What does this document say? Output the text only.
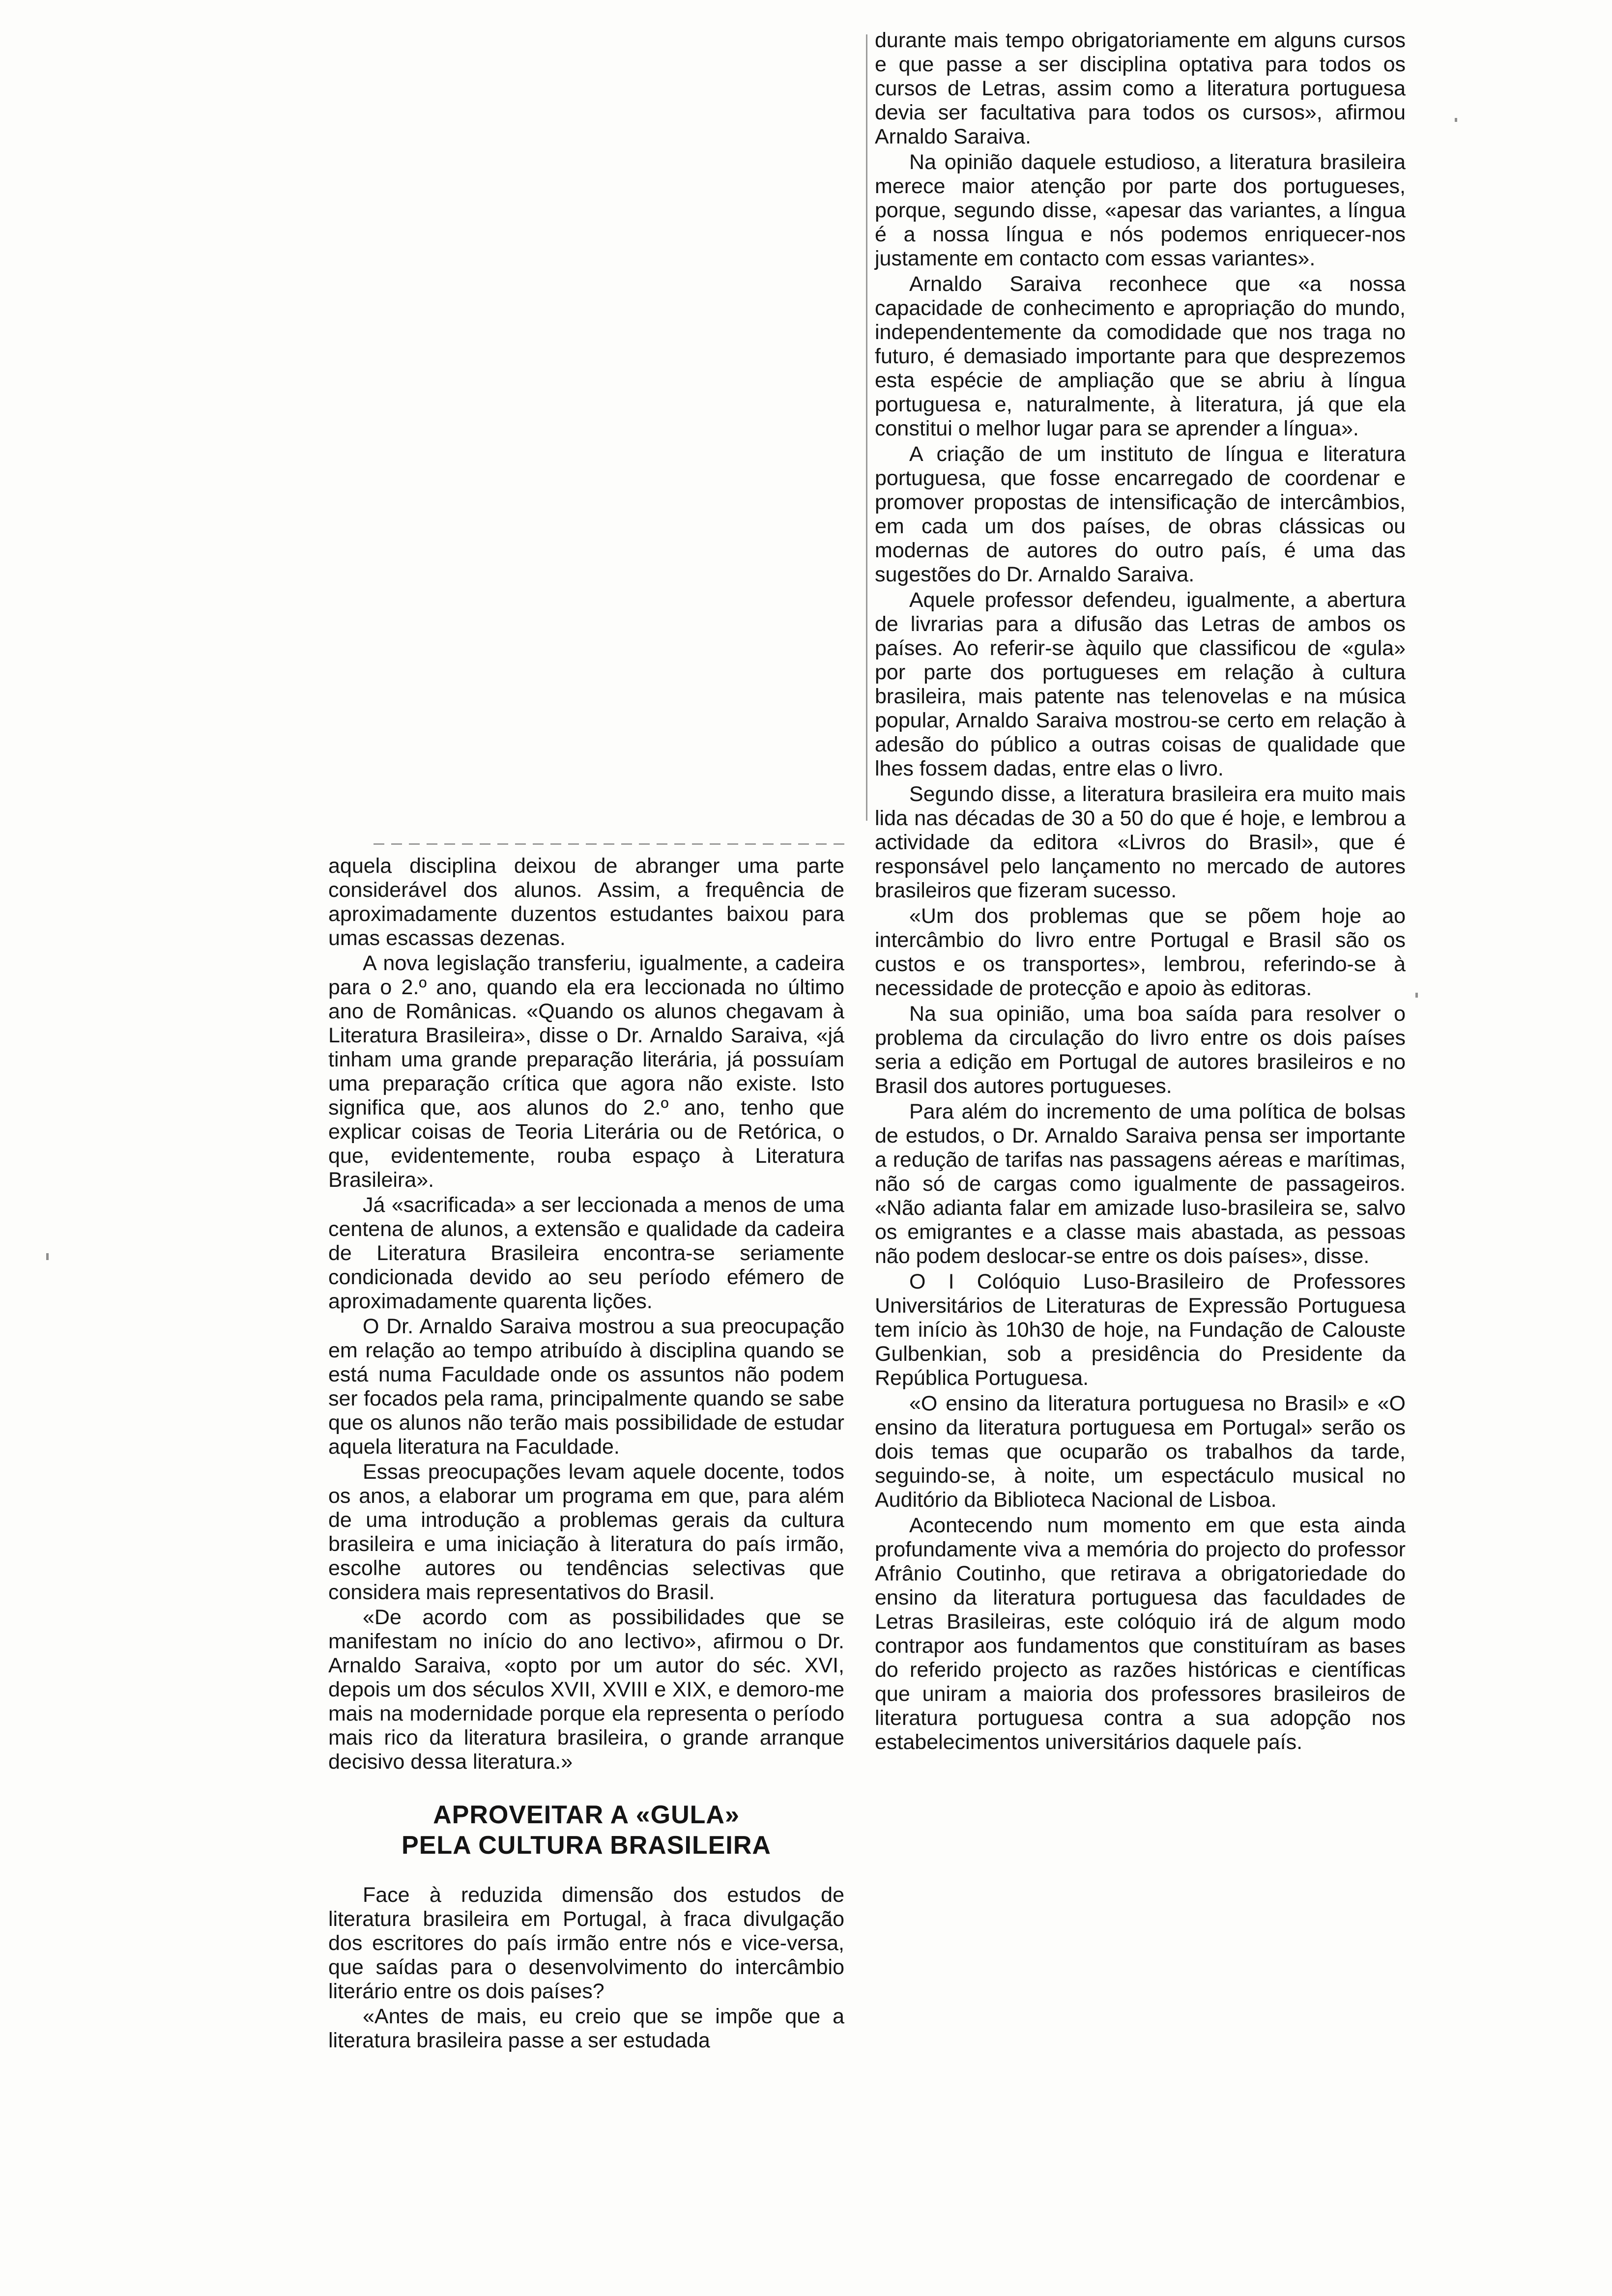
aquela disciplina deixou de abranger uma parte considerável dos alunos. Assim, a frequência de aproximadamente duzentos estudantes baixou para umas escassas dezenas.

A nova legislação transferiu, igualmente, a cadeira para o 2.º ano, quando ela era leccionada no último ano de Românicas. «Quando os alunos chegavam à Literatura Brasileira», disse o Dr. Arnaldo Saraiva, «já tinham uma grande preparação literária, já possuíam uma preparação crítica que agora não existe. Isto significa que, aos alunos do 2.º ano, tenho que explicar coisas de Teoria Literária ou de Retórica, o que, evidentemente, rouba espaço à Literatura Brasileira».

Já «sacrificada» a ser leccionada a menos de uma centena de alunos, a extensão e qualidade da cadeira de Literatura Brasileira encontra-se seriamente condicionada devido ao seu período efémero de aproximadamente quarenta lições.

O Dr. Arnaldo Saraiva mostrou a sua preocupação em relação ao tempo atribuído à disciplina quando se está numa Faculdade onde os assuntos não podem ser focados pela rama, principalmente quando se sabe que os alunos não terão mais possibilidade de estudar aquela literatura na Faculdade.

Essas preocupações levam aquele docente, todos os anos, a elaborar um programa em que, para além de uma introdução a problemas gerais da cultura brasileira e uma iniciação à literatura do país irmão, escolhe autores ou tendências selectivas que considera mais representativos do Brasil.

«De acordo com as possibilidades que se manifestam no início do ano lectivo», afirmou o Dr. Arnaldo Saraiva, «opto por um autor do séc. XVI, depois um dos séculos XVII, XVIII e XIX, e demoro-me mais na modernidade porque ela representa o período mais rico da literatura brasileira, o grande arranque decisivo dessa literatura.»

APROVEITAR A «GULA»
PELA CULTURA BRASILEIRA

Face à reduzida dimensão dos estudos de literatura brasileira em Portugal, à fraca divulgação dos escritores do país irmão entre nós e vice-versa, que saídas para o desenvolvimento do intercâmbio literário entre os dois países?

«Antes de mais, eu creio que se impõe que a literatura brasileira passe a ser estudada

durante mais tempo obrigatoriamente em alguns cursos e que passe a ser disciplina optativa para todos os cursos de Letras, assim como a literatura portuguesa devia ser facultativa para todos os cursos», afirmou Arnaldo Saraiva.

Na opinião daquele estudioso, a literatura brasileira merece maior atenção por parte dos portugueses, porque, segundo disse, «apesar das variantes, a língua é a nossa língua e nós podemos enriquecer-nos justamente em contacto com essas variantes».

Arnaldo Saraiva reconhece que «a nossa capacidade de conhecimento e apropriação do mundo, independentemente da comodidade que nos traga no futuro, é demasiado importante para que desprezemos esta espécie de ampliação que se abriu à língua portuguesa e, naturalmente, à literatura, já que ela constitui o melhor lugar para se aprender a língua».

A criação de um instituto de língua e literatura portuguesa, que fosse encarregado de coordenar e promover propostas de intensificação de intercâmbios, em cada um dos países, de obras clássicas ou modernas de autores do outro país, é uma das sugestões do Dr. Arnaldo Saraiva.

Aquele professor defendeu, igualmente, a abertura de livrarias para a difusão das Letras de ambos os países. Ao referir-se àquilo que classificou de «gula» por parte dos portugueses em relação à cultura brasileira, mais patente nas telenovelas e na música popular, Arnaldo Saraiva mostrou-se certo em relação à adesão do público a outras coisas de qualidade que lhes fossem dadas, entre elas o livro.

Segundo disse, a literatura brasileira era muito mais lida nas décadas de 30 a 50 do que é hoje, e lembrou a actividade da editora «Livros do Brasil», que é responsável pelo lançamento no mercado de autores brasileiros que fizeram sucesso.

«Um dos problemas que se põem hoje ao intercâmbio do livro entre Portugal e Brasil são os custos e os transportes», lembrou, referindo-se à necessidade de protecção e apoio às editoras.

Na sua opinião, uma boa saída para resolver o problema da circulação do livro entre os dois países seria a edição em Portugal de autores brasileiros e no Brasil dos autores portugueses.

Para além do incremento de uma política de bolsas de estudos, o Dr. Arnaldo Saraiva pensa ser importante a redução de tarifas nas passagens aéreas e marítimas, não só de cargas como igualmente de passageiros. «Não adianta falar em amizade luso-brasileira se, salvo os emigrantes e a classe mais abastada, as pessoas não podem deslocar-se entre os dois países», disse.

O I Colóquio Luso-Brasileiro de Professores Universitários de Literaturas de Expressão Portuguesa tem início às 10h30 de hoje, na Fundação de Calouste Gulbenkian, sob a presidência do Presidente da República Portuguesa.

«O ensino da literatura portuguesa no Brasil» e «O ensino da literatura portuguesa em Portugal» serão os dois temas que ocuparão os trabalhos da tarde, seguindo-se, à noite, um espectáculo musical no Auditório da Biblioteca Nacional de Lisboa.

Acontecendo num momento em que esta ainda profundamente viva a memória do projecto do professor Afrânio Coutinho, que retirava a obrigatoriedade do ensino da literatura portuguesa das faculdades de Letras Brasileiras, este colóquio irá de algum modo contrapor aos fundamentos que constituíram as bases do referido projecto as razões históricas e científicas que uniram a maioria dos professores brasileiros de literatura portuguesa contra a sua adopção nos estabelecimentos universitários daquele país.
